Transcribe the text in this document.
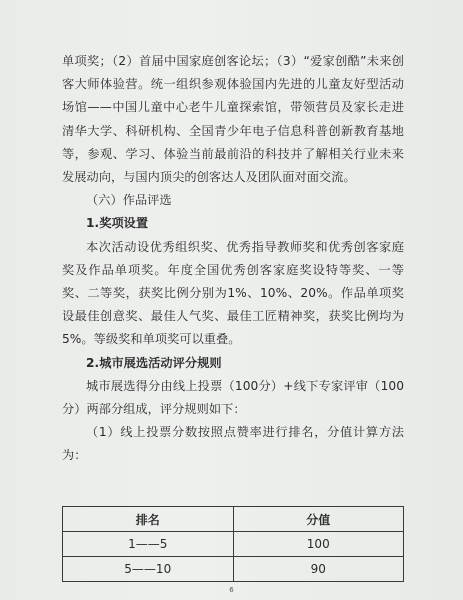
单项奖；（2）首届中国家庭创客论坛；（3）“爱家创酷”未来创客大师体验营。统一组织参观体验国内先进的儿童友好型活动场馆——中国儿童中心老牛儿童探索馆，带领营员及家长走进清华大学、科研机构、全国青少年电子信息科普创新教育基地等，参观、学习、体验当前最前沿的科技并了解相关行业未来发展动向，与国内顶尖的创客达人及团队面对面交流。

（六）作品评选

1.奖项设置

本次活动设优秀组织奖、优秀指导教师奖和优秀创客家庭奖及作品单项奖。年度全国优秀创客家庭奖设特等奖、一等奖、二等奖，获奖比例分别为1%、10%、20%。作品单项奖设最佳创意奖、最佳人气奖、最佳工匠精神奖，获奖比例均为5%。等级奖和单项奖可以重叠。

2.城市展选活动评分规则

城市展选得分由线上投票（100分）+线下专家评审（100分）两部分组成，评分规则如下：

（1）线上投票分数按照点赞率进行排名，分值计算方法为：

排名	分值
1——5	100
5——10	90
6
